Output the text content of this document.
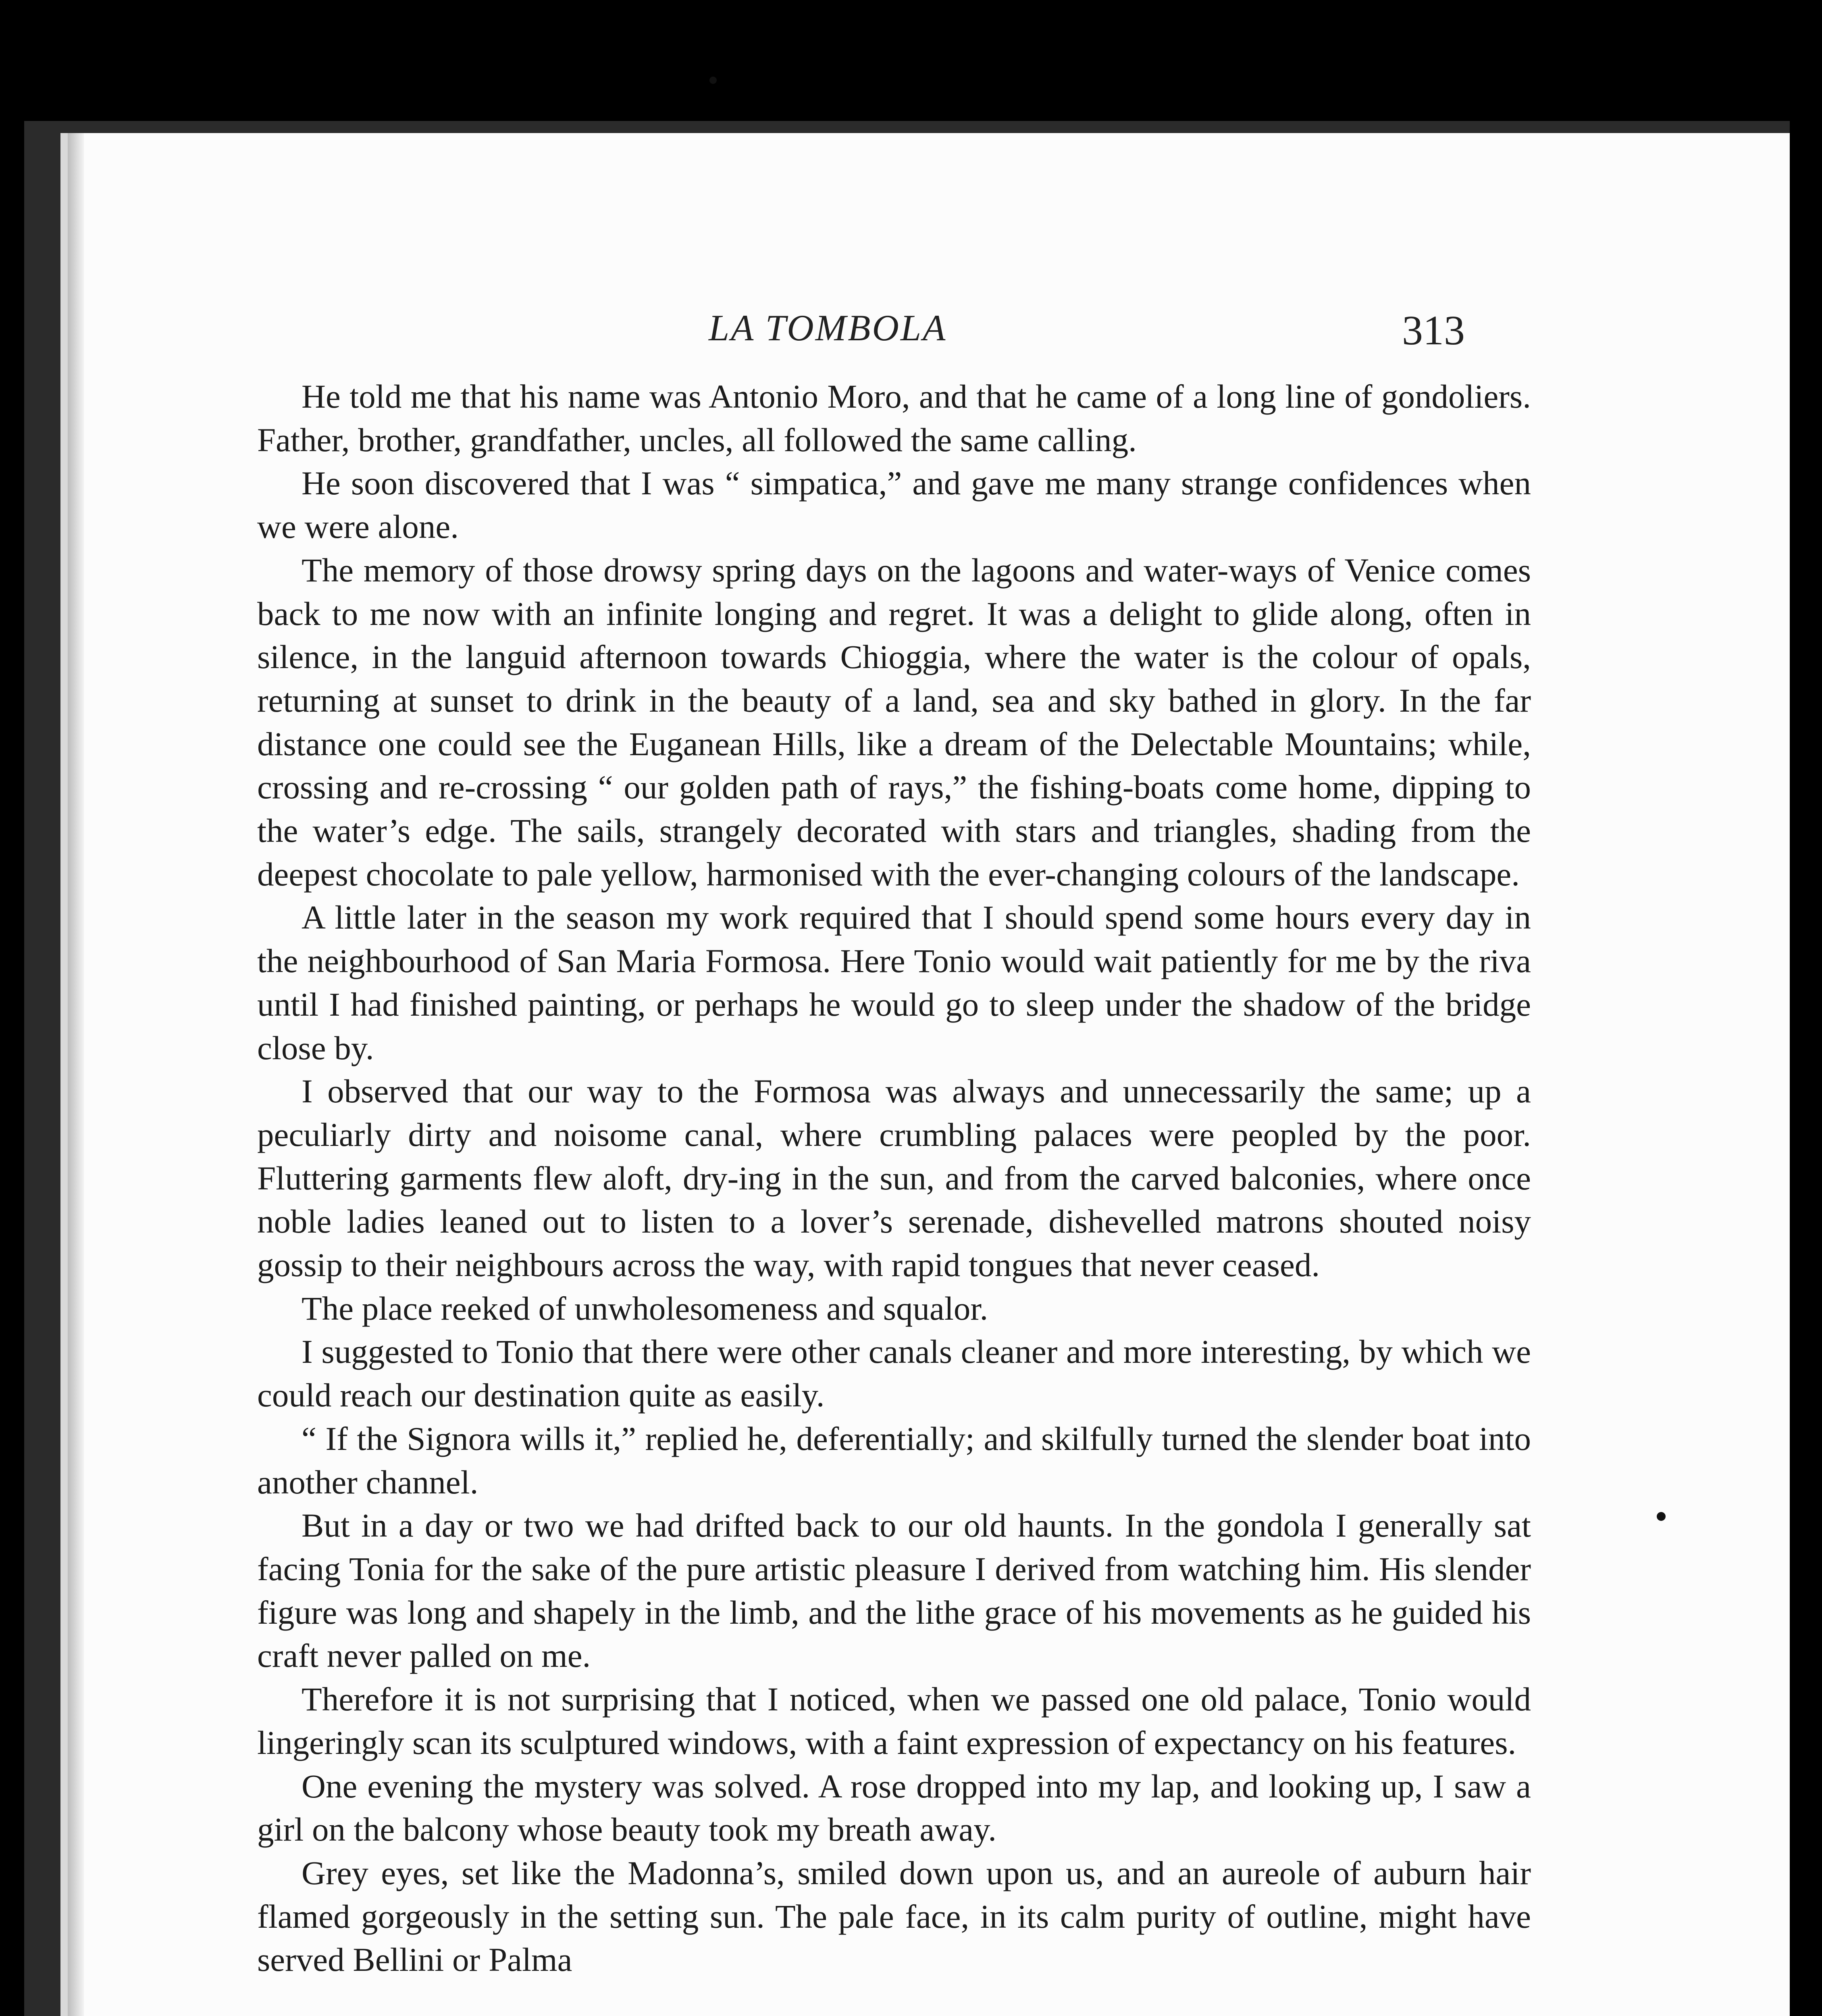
LA TOMBOLA	313

He told me that his name was Antonio Moro, and that he came of a long line of gondoliers. Father, brother, grandfather, uncles, all followed the same calling.

He soon discovered that I was “ simpatica,” and gave me many strange confidences when we were alone.

The memory of those drowsy spring days on the lagoons and water-ways of Venice comes back to me now with an infinite longing and regret. It was a delight to glide along, often in silence, in the languid afternoon towards Chioggia, where the water is the colour of opals, returning at sunset to drink in the beauty of a land, sea and sky bathed in glory. In the far distance one could see the Euganean Hills, like a dream of the Delectable Mountains; while, crossing and re-crossing “ our golden path of rays,” the fishing-boats come home, dipping to the water’s edge. The sails, strangely decorated with stars and triangles, shading from the deepest chocolate to pale yellow, harmonised with the ever-changing colours of the landscape.

A little later in the season my work required that I should spend some hours every day in the neighbourhood of San Maria Formosa. Here Tonio would wait patiently for me by the riva until I had finished painting, or perhaps he would go to sleep under the shadow of the bridge close by.

I observed that our way to the Formosa was always and unnecessarily the same; up a peculiarly dirty and noisome canal, where crumbling palaces were peopled by the poor. Fluttering garments flew aloft, dry-ing in the sun, and from the carved balconies, where once noble ladies leaned out to listen to a lover’s serenade, dishevelled matrons shouted noisy gossip to their neighbours across the way, with rapid tongues that never ceased.

The place reeked of unwholesomeness and squalor.

I suggested to Tonio that there were other canals cleaner and more interesting, by which we could reach our destination quite as easily.

“ If the Signora wills it,” replied he, deferentially; and skilfully turned the slender boat into another channel.

But in a day or two we had drifted back to our old haunts. In the gondola I generally sat facing Tonia for the sake of the pure artistic pleasure I derived from watching him. His slender figure was long and shapely in the limb, and the lithe grace of his movements as he guided his craft never palled on me.

Therefore it is not surprising that I noticed, when we passed one old palace, Tonio would lingeringly scan its sculptured windows, with a faint expression of expectancy on his features.

One evening the mystery was solved. A rose dropped into my lap, and looking up, I saw a girl on the balcony whose beauty took my breath away.

Grey eyes, set like the Madonna’s, smiled down upon us, and an aureole of auburn hair flamed gorgeously in the setting sun. The pale face, in its calm purity of outline, might have served Bellini or Palma
